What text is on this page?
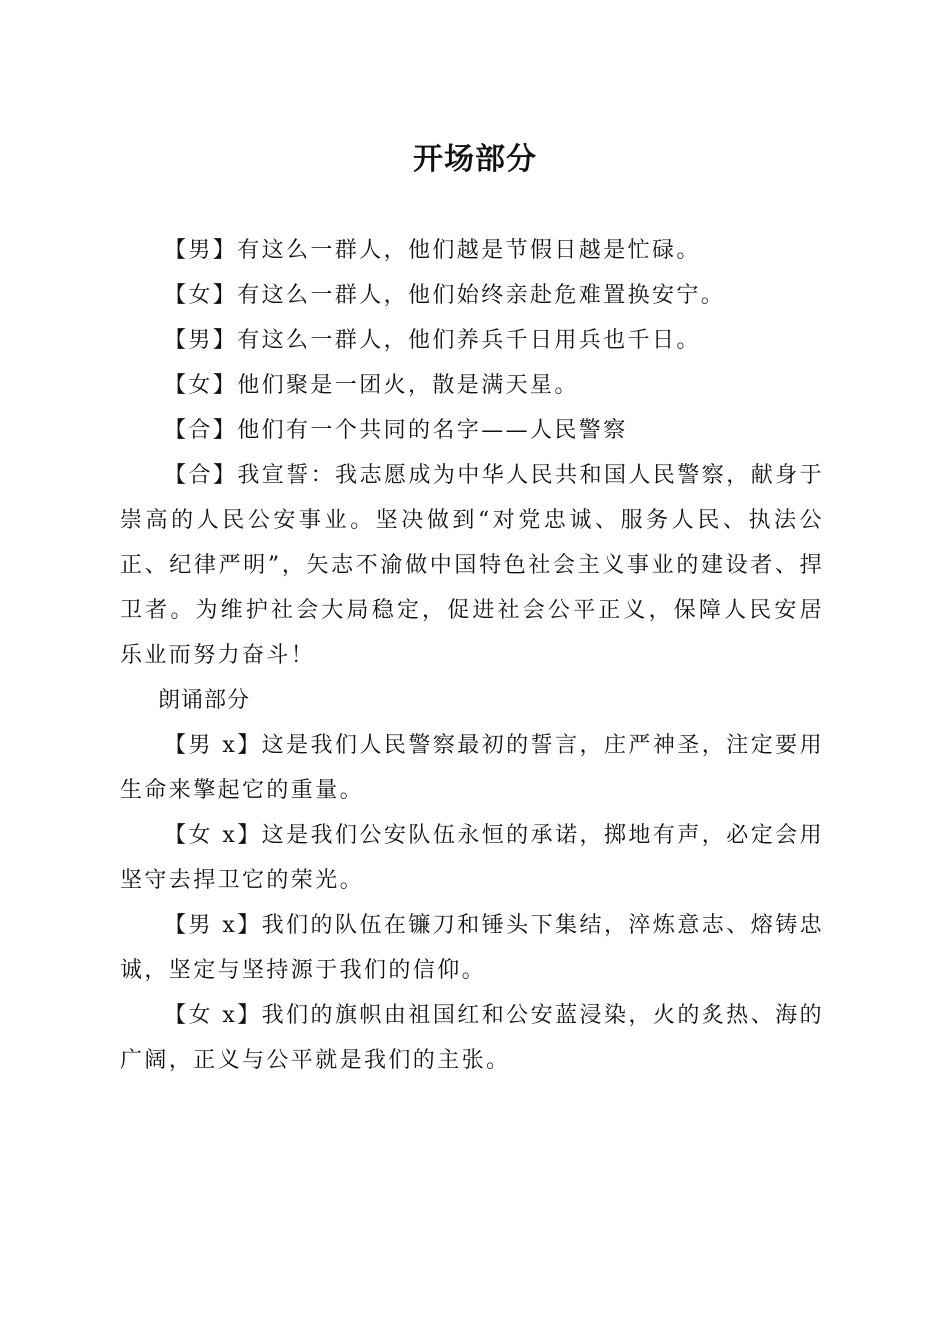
开场部分

【男】有这么一群人，他们越是节假日越是忙碌。

【女】有这么一群人，他们始终亲赴危难置换安宁。

【男】有这么一群人，他们养兵千日用兵也千日。

【女】他们聚是一团火，散是满天星。

【合】他们有一个共同的名字——人民警察

【合】我宣誓：我志愿成为中华人民共和国人民警察，献身于崇高的人民公安事业。坚决做到“对党忠诚、服务人民、执法公正、纪律严明”，矢志不渝做中国特色社会主义事业的建设者、捍卫者。为维护社会大局稳定，促进社会公平正义，保障人民安居乐业而努力奋斗！

朗诵部分

【男 x】这是我们人民警察最初的誓言，庄严神圣，注定要用生命来擎起它的重量。

【女 x】这是我们公安队伍永恒的承诺，掷地有声，必定会用坚守去捍卫它的荣光。

【男 x】我们的队伍在镰刀和锤头下集结，淬炼意志、熔铸忠诚，坚定与坚持源于我们的信仰。

【女 x】我们的旗帜由祖国红和公安蓝浸染，火的炙热、海的广阔，正义与公平就是我们的主张。
